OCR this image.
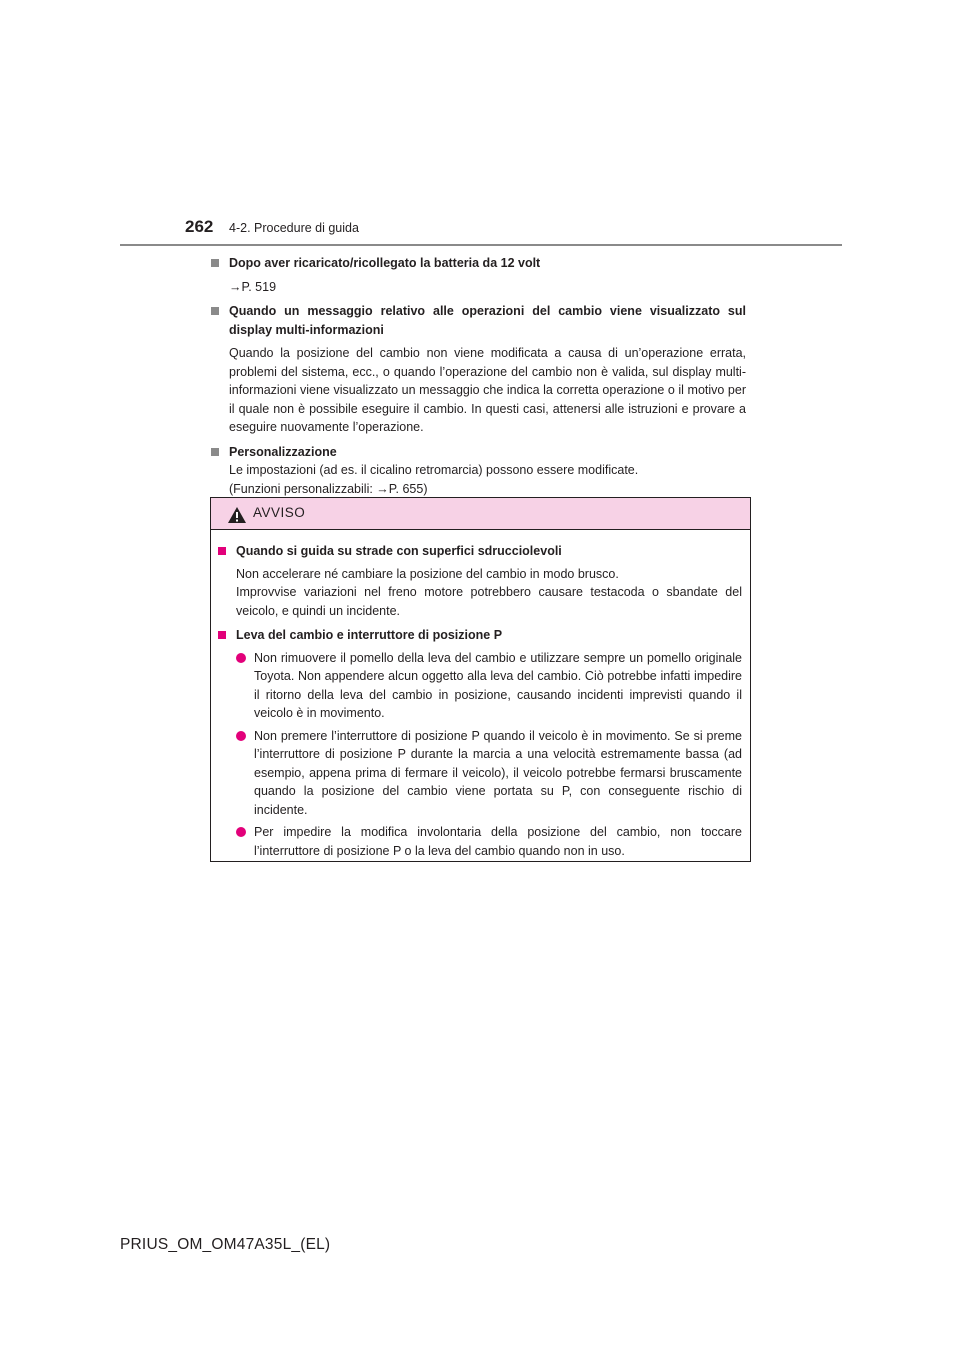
262 4-2. Procedure di guida
Dopo aver ricaricato/ricollegato la batteria da 12 volt
→P. 519
Quando un messaggio relativo alle operazioni del cambio viene visualizzato sul display multi-informazioni
Quando la posizione del cambio non viene modificata a causa di un’operazione errata, problemi del sistema, ecc., o quando l’operazione del cambio non è valida, sul display multi-informazioni viene visualizzato un messaggio che indica la corretta operazione o il motivo per il quale non è possibile eseguire il cambio. In questi casi, attenersi alle istruzioni e provare a eseguire nuovamente l’operazione.
Personalizzazione
Le impostazioni (ad es. il cicalino retromarcia) possono essere modificate.
(Funzioni personalizzabili: →P. 655)
AVVISO
Quando si guida su strade con superfici sdrucciolevoli
Non accelerare né cambiare la posizione del cambio in modo brusco.
Improvvise variazioni nel freno motore potrebbero causare testacoda o sbandate del veicolo, e quindi un incidente.
Leva del cambio e interruttore di posizione P
Non rimuovere il pomello della leva del cambio e utilizzare sempre un pomello originale Toyota. Non appendere alcun oggetto alla leva del cambio. Ciò potrebbe infatti impedire il ritorno della leva del cambio in posizione, causando incidenti imprevisti quando il veicolo è in movimento.
Non premere l’interruttore di posizione P quando il veicolo è in movimento. Se si preme l’interruttore di posizione P durante la marcia a una velocità estremamente bassa (ad esempio, appena prima di fermare il veicolo), il veicolo potrebbe fermarsi bruscamente quando la posizione del cambio viene portata su P, con conseguente rischio di incidente.
Per impedire la modifica involontaria della posizione del cambio, non toccare l’interruttore di posizione P o la leva del cambio quando non in uso.
PRIUS_OM_OM47A35L_(EL)
